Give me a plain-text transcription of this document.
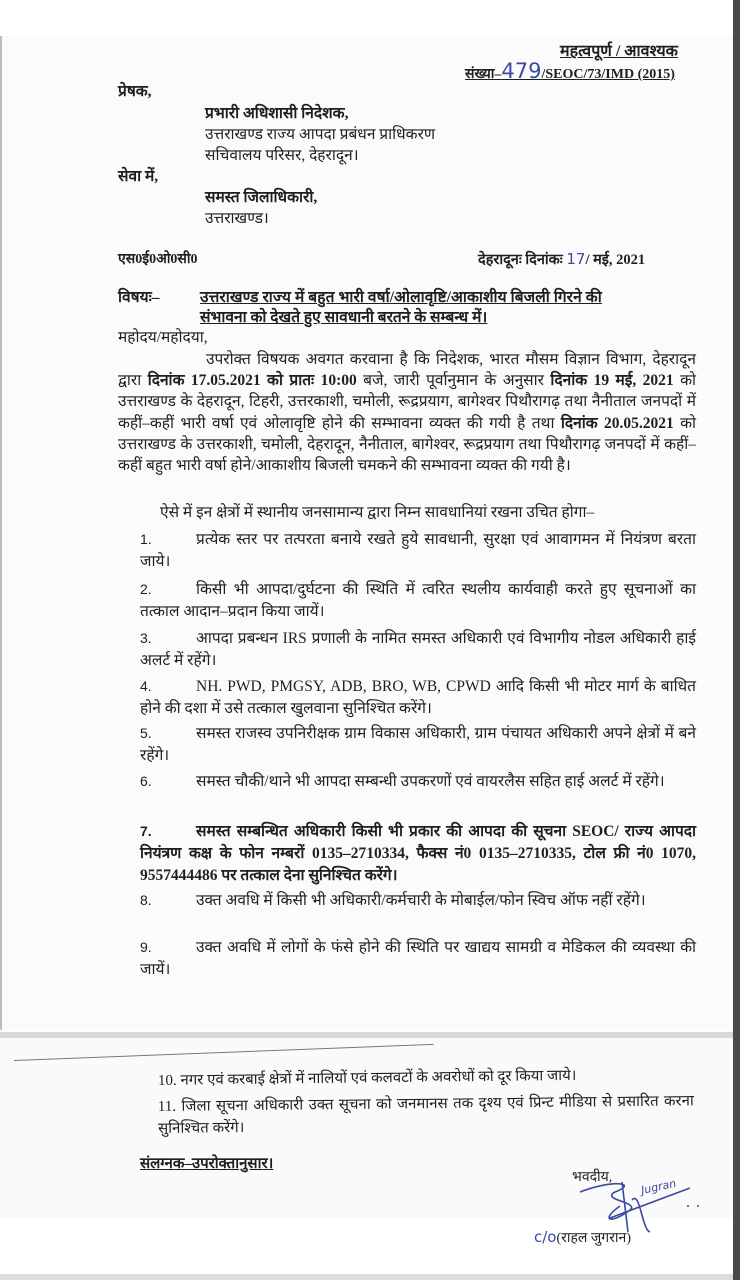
महत्वपूर्ण / आवश्यक
संख्या–479/SEOC/73/IMD (2015)
प्रेषक,
प्रभारी अधिशासी निदेशक,
उत्तराखण्ड राज्य आपदा प्रबंधन प्राधिकरण
सचिवालय परिसर, देहरादून।
सेवा में,
समस्त जिलाधिकारी,
उत्तराखण्ड।
एस0ई0ओ0सी0	देहरादूनः दिनांकः 17/ मई, 2021
विषयः–	उत्तराखण्ड राज्य में बहुत भारी वर्षा/ओलावृष्टि/आकाशीय बिजली गिरने की
संभावना को देखते हुए सावधानी बरतने के सम्बन्ध में।
महोदय/महोदया,
उपरोक्त विषयक अवगत करवाना है कि निदेशक, भारत मौसम विज्ञान विभाग, देहरादून द्वारा दिनांक 17.05.2021 को प्रातः 10:00 बजे, जारी पूर्वानुमान के अनुसार दिनांक 19 मई, 2021 को उत्तराखण्ड के देहरादून, टिहरी, उत्तरकाशी, चमोली, रूद्रप्रयाग, बागेश्वर पिथौरागढ़ तथा नैनीताल जनपदों में कहीं–कहीं भारी वर्षा एवं ओलावृष्टि होने की सम्भावना व्यक्त की गयी है तथा दिनांक 20.05.2021 को उत्तराखण्ड के उत्तरकाशी, चमोली, देहरादून, नैनीताल, बागेश्वर, रूद्रप्रयाग तथा पिथौरागढ़ जनपदों में कहीं–कहीं बहुत भारी वर्षा होने/आकाशीय बिजली चमकने की सम्भावना व्यक्त की गयी है।
ऐसे में इन क्षेत्रों में स्थानीय जनसामान्य द्वारा निम्न सावधानियां रखना उचित होगा–
1.	प्रत्येक स्तर पर तत्परता बनाये रखते हुये सावधानी, सुरक्षा एवं आवागमन में नियंत्रण बरता जाये।
2.	किसी भी आपदा/दुर्घटना की स्थिति में त्वरित स्थलीय कार्यवाही करते हुए सूचनाओं का तत्काल आदान–प्रदान किया जायें।
3.	आपदा प्रबन्धन IRS प्रणाली के नामित समस्त अधिकारी एवं विभागीय नोडल अधिकारी हाई अलर्ट में रहेंगे।
4.	NH. PWD, PMGSY, ADB, BRO, WB, CPWD आदि किसी भी मोटर मार्ग के बाधित होने की दशा में उसे तत्काल खुलवाना सुनिश्चित करेंगे।
5.	समस्त राजस्व उपनिरीक्षक ग्राम विकास अधिकारी, ग्राम पंचायत अधिकारी अपने क्षेत्रों में बने रहेंगे।
6.	समस्त चौकी/थाने भी आपदा सम्बन्धी उपकरणों एवं वायरलैस सहित हाई अलर्ट में रहेंगे।
7.	समस्त सम्बन्धित अधिकारी किसी भी प्रकार की आपदा की सूचना SEOC/ राज्य आपदा नियंत्रण कक्ष के फोन नम्बरों 0135–2710334, फैक्स नं0 0135–2710335, टोल फ्री नं0 1070, 9557444486 पर तत्काल देना सुनिश्चित करेंगे।
8.	उक्त अवधि में किसी भी अधिकारी/कर्मचारी के मोबाईल/फोन स्विच ऑफ नहीं रहेंगे।
9.	उक्त अवधि में लोगों के फंसे होने की स्थिति पर खाद्यय सामग्री व मेडिकल की व्यवस्था की जायें।
10. नगर एवं करबाई क्षेत्रों में नालियों एवं कलवटों के अवरोधों को दूर किया जाये।
11. जिला सूचना अधिकारी उक्त सूचना को जनमानस तक दृश्य एवं प्रिन्ट मीडिया से प्रसारित करना सुनिश्चित करेंगे।
संलग्नक–उपरोक्तानुसार।
भवदीय,	Jugran
c/o(राहल जुगरान)
